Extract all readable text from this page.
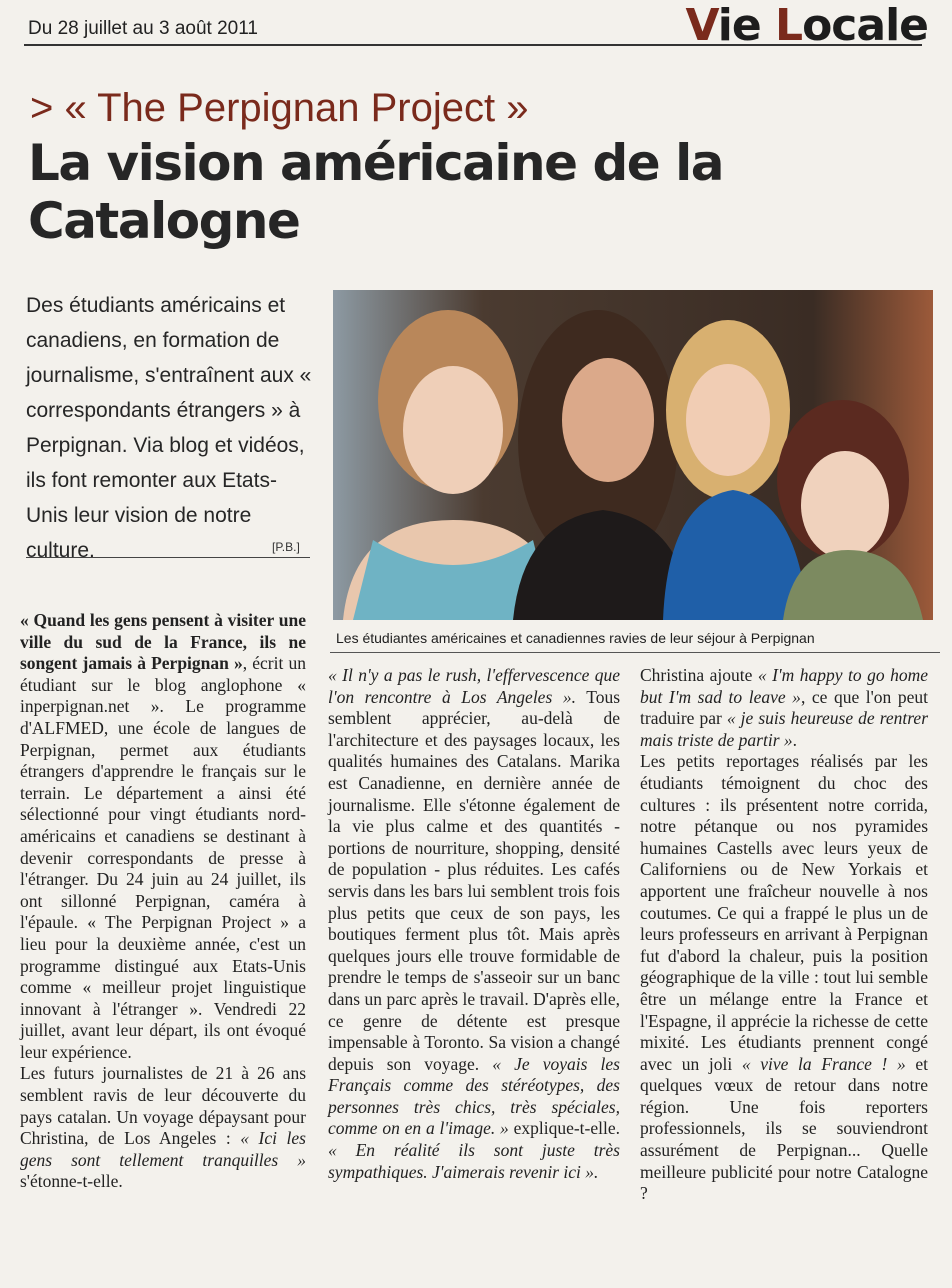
Du 28 juillet au 3 août 2011	Vie Locale
> « The Perpignan Project »
La vision américaine de la Catalogne
Des étudiants américains et canadiens, en formation de journalisme, s'entraînent aux « correspondants étrangers » à Perpignan. Via blog et vidéos, ils font remonter aux Etats-Unis leur vision de notre culture.	[P.B.]
Les étudiantes américaines et canadiennes ravies de leur séjour à Perpignan

« Quand les gens pensent à visiter une ville du sud de la France, ils ne songent jamais à Perpignan », écrit un étudiant sur le blog anglophone « inperpignan.net ». Le programme d'ALFMED, une école de langues de Perpignan, permet aux étudiants étrangers d'apprendre le français sur le terrain. Le département a ainsi été sélectionné pour vingt étudiants nord-américains et canadiens se destinant à devenir correspondants de presse à l'étranger. Du 24 juin au 24 juillet, ils ont sillonné Perpignan, caméra à l'épaule. « The Perpignan Project » a lieu pour la deuxième année, c'est un programme distingué aux Etats-Unis comme « meilleur projet linguistique innovant à l'étranger ». Vendredi 22 juillet, avant leur départ, ils ont évoqué leur expérience.

Les futurs journalistes de 21 à 26 ans semblent ravis de leur découverte du pays catalan. Un voyage dépaysant pour Christina, de Los Angeles : « Ici les gens sont tellement tranquilles » s'étonne-t-elle.

« Il n'y a pas le rush, l'effervescence que l'on rencontre à Los Angeles ». Tous semblent apprécier, au-delà de l'architecture et des paysages locaux, les qualités humaines des Catalans. Marika est Canadienne, en dernière année de journalisme. Elle s'étonne également de la vie plus calme et des quantités - portions de nourriture, shopping, densité de population - plus réduites. Les cafés servis dans les bars lui semblent trois fois plus petits que ceux de son pays, les boutiques ferment plus tôt. Mais après quelques jours elle trouve formidable de prendre le temps de s'asseoir sur un banc dans un parc après le travail. D'après elle, ce genre de détente est presque impensable à Toronto. Sa vision a changé depuis son voyage. « Je voyais les Français comme des stéréotypes, des personnes très chics, très spéciales, comme on en a l'image. » explique-t-elle. « En réalité ils sont juste très sympathiques. J'aimerais revenir ici ».

Christina ajoute « I'm happy to go home but I'm sad to leave », ce que l'on peut traduire par « je suis heureuse de rentrer mais triste de partir ».

Les petits reportages réalisés par les étudiants témoignent du choc des cultures : ils présentent notre corrida, notre pétanque ou nos pyramides humaines Castells avec leurs yeux de Californiens ou de New Yorkais et apportent une fraîcheur nouvelle à nos coutumes. Ce qui a frappé le plus un de leurs professeurs en arrivant à Perpignan fut d'abord la chaleur, puis la position géographique de la ville : tout lui semble être un mélange entre la France et l'Espagne, il apprécie la richesse de cette mixité. Les étudiants prennent congé avec un joli « vive la France ! » et quelques vœux de retour dans notre région. Une fois reporters professionnels, ils se souviendront assurément de Perpignan... Quelle meilleure publicité pour notre Catalogne ?
